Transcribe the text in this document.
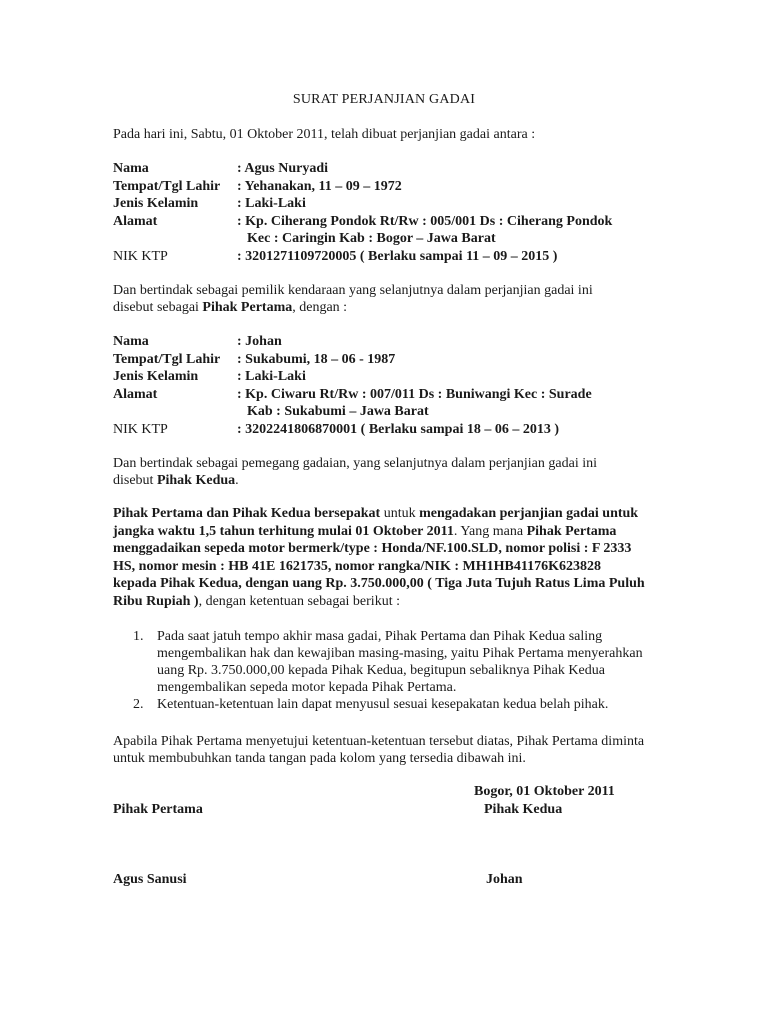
SURAT PERJANJIAN GADAI
Pada hari ini, Sabtu, 01 Oktober 2011, telah dibuat perjanjian gadai antara :
Nama	: Agus Nuryadi
Tempat/Tgl Lahir	: Yehanakan, 11 – 09 – 1972
Jenis Kelamin	: Laki-Laki
Alamat	: Kp. Ciherang Pondok Rt/Rw : 005/001 Ds : Ciherang Pondok
Kec : Caringin Kab : Bogor – Jawa Barat
NIK KTP	: 3201271109720005 ( Berlaku sampai 11 – 09 – 2015 )
Dan bertindak sebagai pemilik kendaraan yang selanjutnya dalam perjanjian gadai ini
disebut sebagai Pihak Pertama, dengan :
Nama	: Johan
Tempat/Tgl Lahir	: Sukabumi, 18 – 06 - 1987
Jenis Kelamin	: Laki-Laki
Alamat	: Kp. Ciwaru Rt/Rw : 007/011 Ds : Buniwangi Kec : Surade
Kab : Sukabumi – Jawa Barat
NIK KTP	: 3202241806870001 ( Berlaku sampai 18 – 06 – 2013 )
Dan bertindak sebagai pemegang gadaian, yang selanjutnya dalam perjanjian gadai ini
disebut Pihak Kedua.
Pihak Pertama dan Pihak Kedua bersepakat untuk mengadakan perjanjian gadai untuk jangka waktu 1,5 tahun terhitung mulai 01 Oktober 2011. Yang mana Pihak Pertama menggadaikan sepeda motor bermerk/type : Honda/NF.100.SLD, nomor polisi : F 2333 HS, nomor mesin : HB 41E 1621735, nomor rangka/NIK : MH1HB41176K623828 kepada Pihak Kedua, dengan uang Rp. 3.750.000,00 ( Tiga Juta Tujuh Ratus Lima Puluh Ribu Rupiah ), dengan ketentuan sebagai berikut :
1. Pada saat jatuh tempo akhir masa gadai, Pihak Pertama dan Pihak Kedua saling mengembalikan hak dan kewajiban masing-masing, yaitu Pihak Pertama menyerahkan uang Rp. 3.750.000,00 kepada Pihak Kedua, begitupun sebaliknya Pihak Kedua mengembalikan sepeda motor kepada Pihak Pertama.
2. Ketentuan-ketentuan lain dapat menyusul sesuai kesepakatan kedua belah pihak.
Apabila Pihak Pertama menyetujui ketentuan-ketentuan tersebut diatas, Pihak Pertama diminta untuk membubuhkan tanda tangan pada kolom yang tersedia dibawah ini.
Bogor, 01 Oktober 2011
Pihak Pertama	Pihak Kedua
Agus Sanusi	Johan
